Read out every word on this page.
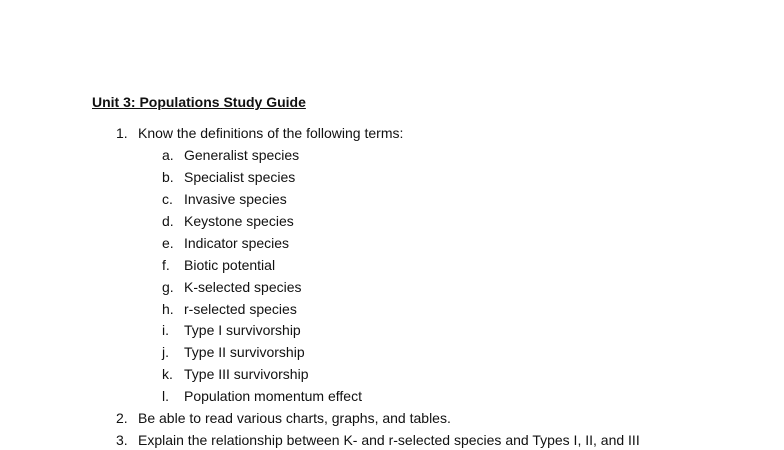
Unit 3: Populations Study Guide
1. Know the definitions of the following terms:
a. Generalist species
b. Specialist species
c. Invasive species
d. Keystone species
e. Indicator species
f. Biotic potential
g. K-selected species
h. r-selected species
i. Type I survivorship
j. Type II survivorship
k. Type III survivorship
l. Population momentum effect
2. Be able to read various charts, graphs, and tables.
3. Explain the relationship between K- and r-selected species and Types I, II, and III
